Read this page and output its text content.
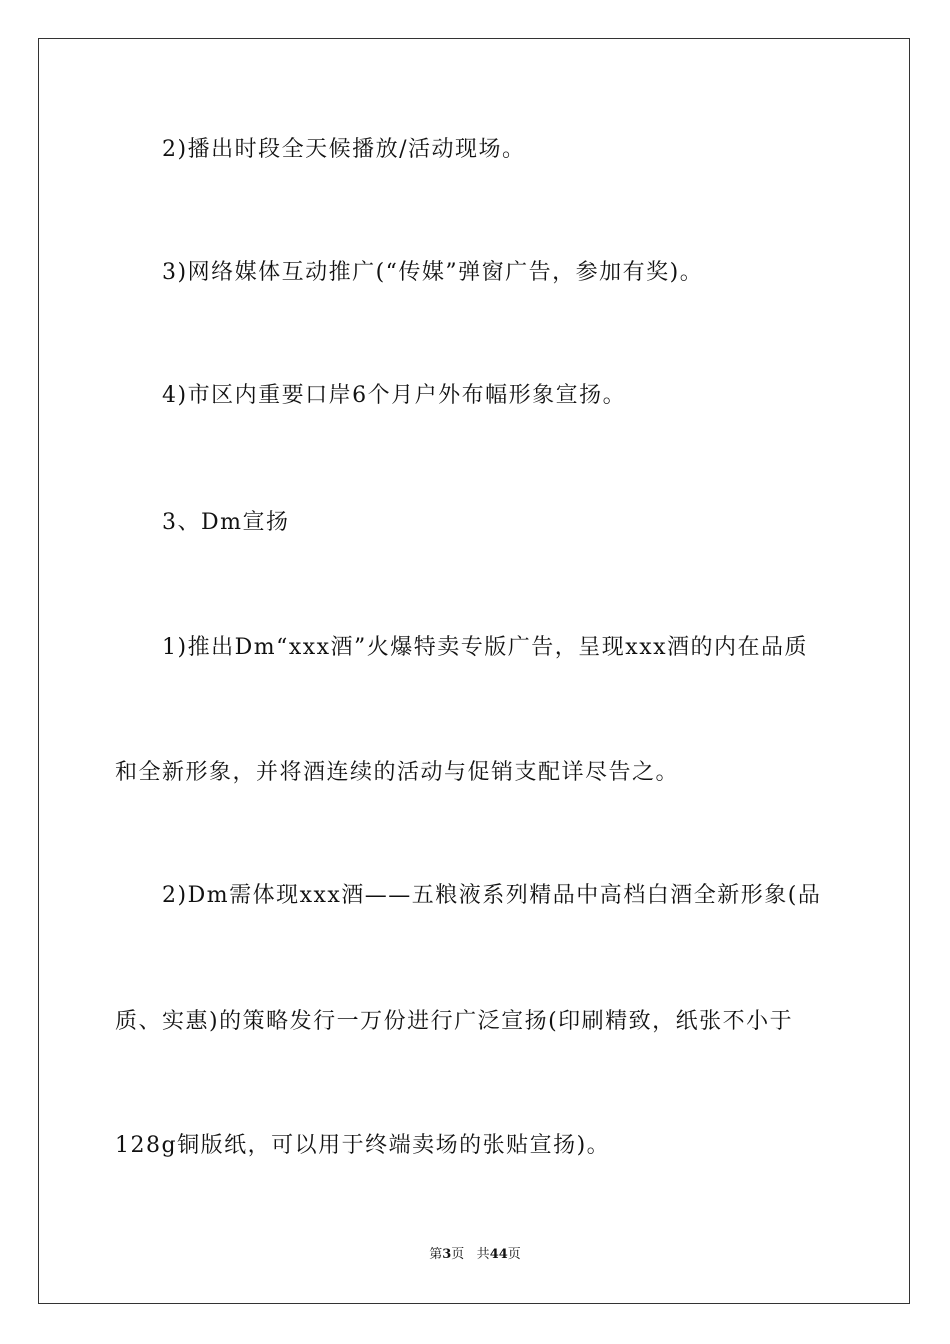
2)播出时段全天候播放/活动现场。
3)网络媒体互动推广(“传媒”弹窗广告，参加有奖)。
4)市区内重要口岸6个月户外布幅形象宣扬。
3、Dm宣扬
1)推出Dm“xxx酒”火爆特卖专版广告，呈现xxx酒的内在品质
和全新形象，并将酒连续的活动与促销支配详尽告之。
2)Dm需体现xxx酒——五粮液系列精品中高档白酒全新形象(品
质、实惠)的策略发行一万份进行广泛宣扬(印刷精致，纸张不小于
128g铜版纸，可以用于终端卖场的张贴宣扬)。
第3页 共44页
